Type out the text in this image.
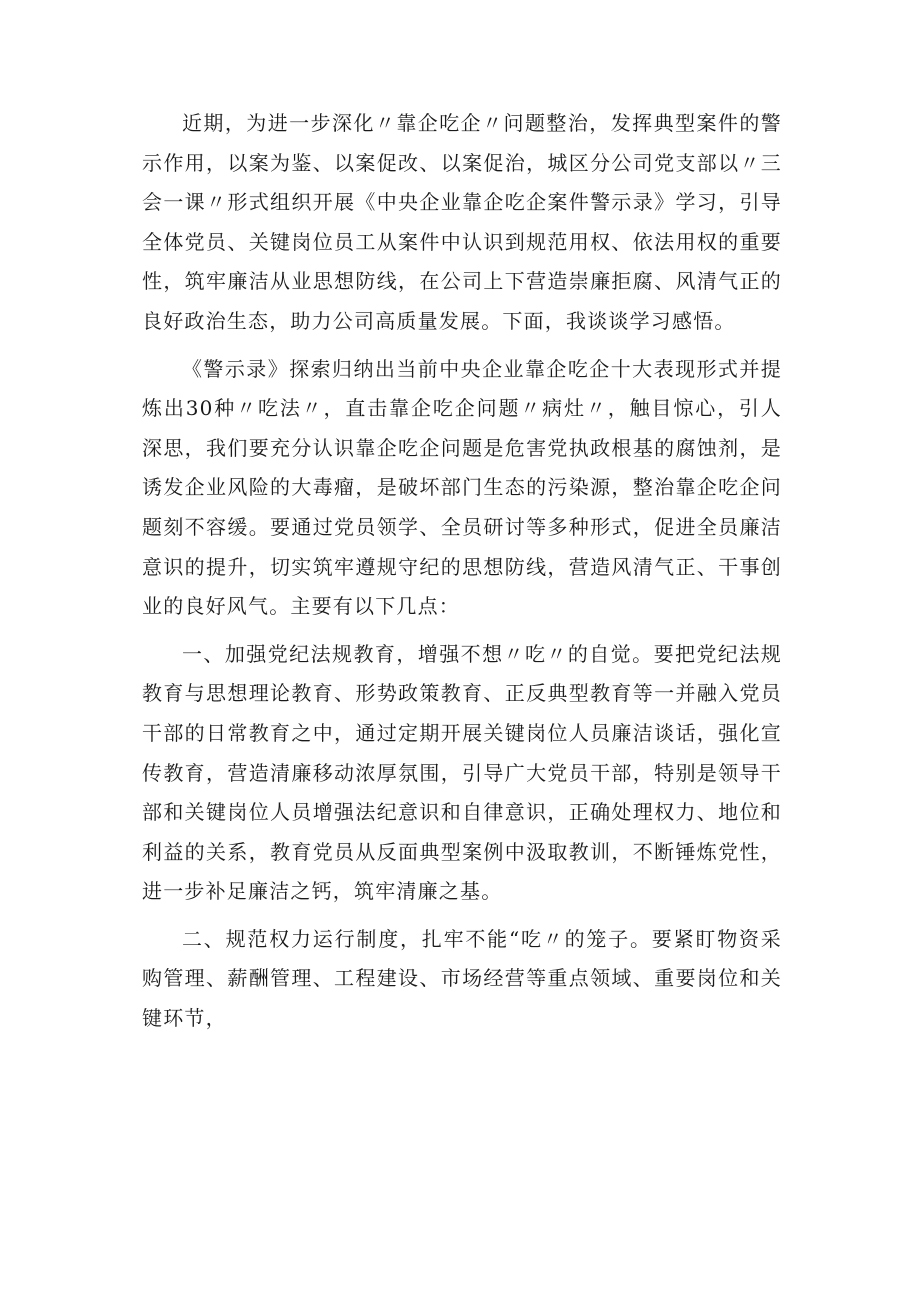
近期，为进一步深化〃靠企吃企〃问题整治，发挥典型案件的警示作用，以案为鉴、以案促改、以案促治，城区分公司党支部以〃三会一课〃形式组织开展《中央企业靠企吃企案件警示录》学习，引导全体党员、关键岗位员工从案件中认识到规范用权、依法用权的重要性，筑牢廉洁从业思想防线，在公司上下营造崇廉拒腐、风清气正的良好政治生态，助力公司高质量发展。下面，我谈谈学习感悟。

《警示录》探索归纳出当前中央企业靠企吃企十大表现形式并提炼出30种〃吃法〃，直击靠企吃企问题〃病灶〃，触目惊心，引人深思，我们要充分认识靠企吃企问题是危害党执政根基的腐蚀剂，是诱发企业风险的大毒瘤，是破坏部门生态的污染源，整治靠企吃企问题刻不容缓。要通过党员领学、全员研讨等多种形式，促进全员廉洁意识的提升，切实筑牢遵规守纪的思想防线，营造风清气正、干事创业的良好风气。主要有以下几点：

一、加强党纪法规教育，增强不想〃吃〃的自觉。要把党纪法规教育与思想理论教育、形势政策教育、正反典型教育等一并融入党员干部的日常教育之中，通过定期开展关键岗位人员廉洁谈话，强化宣传教育，营造清廉移动浓厚氛围，引导广大党员干部，特别是领导干部和关键岗位人员增强法纪意识和自律意识，正确处理权力、地位和利益的关系，教育党员从反面典型案例中汲取教训，不断锤炼党性，进一步补足廉洁之钙，筑牢清廉之基。

二、规范权力运行制度，扎牢不能“吃〃的笼子。要紧盯物资采购管理、薪酬管理、工程建设、市场经营等重点领域、重要岗位和关键环节，
